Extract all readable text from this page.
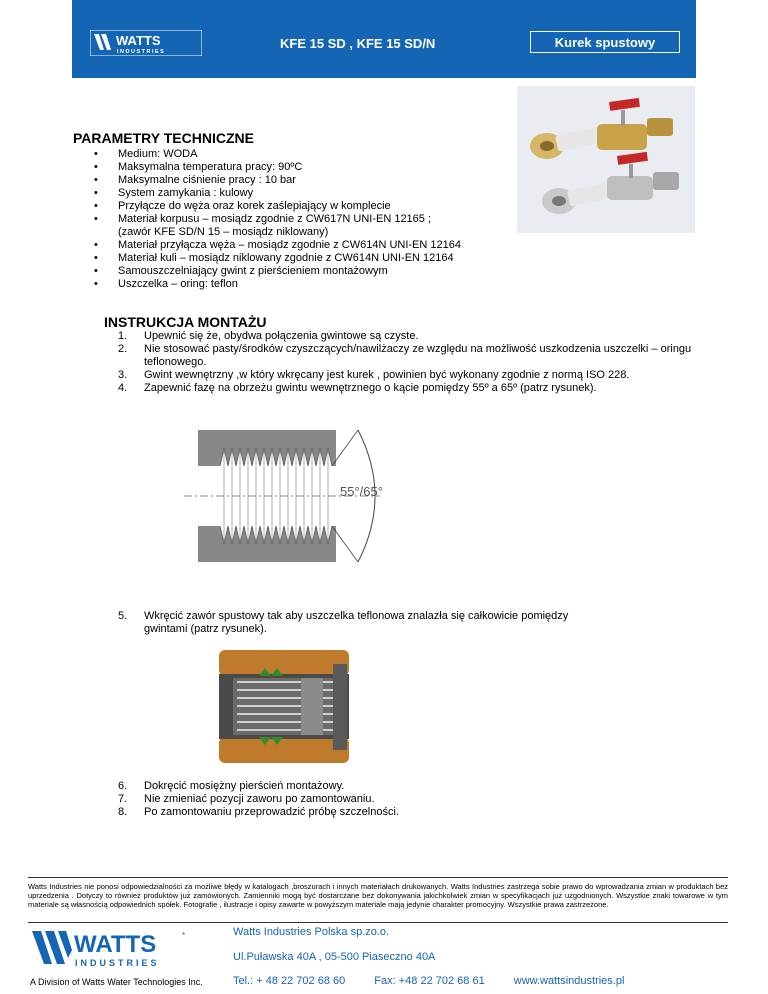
WATTS
INDUSTRIES
KFE 15 SD , KFE 15 SD/N	Kurek spustowy
PARAMETRY TECHNICZNE
• Medium: WODA
• Maksymalna temperatura pracy: 90ºC
• Maksymalne ciśnienie pracy : 10 bar
• System zamykania : kulowy
• Przyłącze do węża oraz korek zaślepiający w komplecie
• Materiał korpusu – mosiądz zgodnie z CW617N UNI-EN 12165 ;
(zawór KFE SD/N 15 – mosiądz niklowany)
• Materiał przyłącza węża – mosiądz zgodnie z CW614N UNI-EN 12164
• Materiał kuli – mosiądz niklowany zgodnie z CW614N UNI-EN 12164
• Samouszczelniający gwint z pierścieniem montażowym
• Uszczelka – oring: teflon
INSTRUKCJA MONTAŻU
1. Upewnić się że, obydwa połączenia gwintowe są czyste.
2. Nie stosować pasty/środków czyszczących/nawilżaczy ze względu na możliwość uszkodzenia uszczelki – oringu teflonowego.
3. Gwint wewnętrzny ,w który wkręcany jest kurek , powinien być wykonany zgodnie z normą ISO 228.
4. Zapewnić fazę na obrzeżu gwintu wewnętrznego o kącie pomiędzy 55º a 65º (patrz rysunek).
55°/65°
5. Wkręcić zawór spustowy tak aby uszczelka teflonowa znalazła się całkowicie pomiędzy gwintami (patrz rysunek).
6. Dokręcić mosiężny pierścień montażowy.
7. Nie zmieniać pozycji zaworu po zamontowaniu.
8. Po zamontowaniu przeprowadzić próbę szczelności.
Watts Industries nie ponosi odpowiedzialności za możliwe błędy w katalogach ,broszurach i innych materiałach drukowanych. Watts Industries zastrzega sobie prawo do wprowadzania zmian w produktach bez uprzedzenia . Dotyczy to również produktów już zamówionych. Zamienniki mogą być dostarczane bez dokonywania jakichkolwiek zmian w specyfikacjach już uzgodnionych. Wszystkie znaki towarowe w tym materiale są własnością odpowiednich spółek. Fotografie , ilustracje i opisy zawarte w powyższym materiale mają jedynie charakter promocyjny. Wszystkie prawa zastrzeżone.
WATTS
INDUSTRIES
*
A Division of Watts Water Technologies Inc.
Watts Industries Polska sp.zo.o.
Ul.Puławska 40A , 05-500 Piaseczno 40A
Tel.: + 48 22 702 68 60	Fax: +48 22 702 68 61	www.wattsindustries.pl
